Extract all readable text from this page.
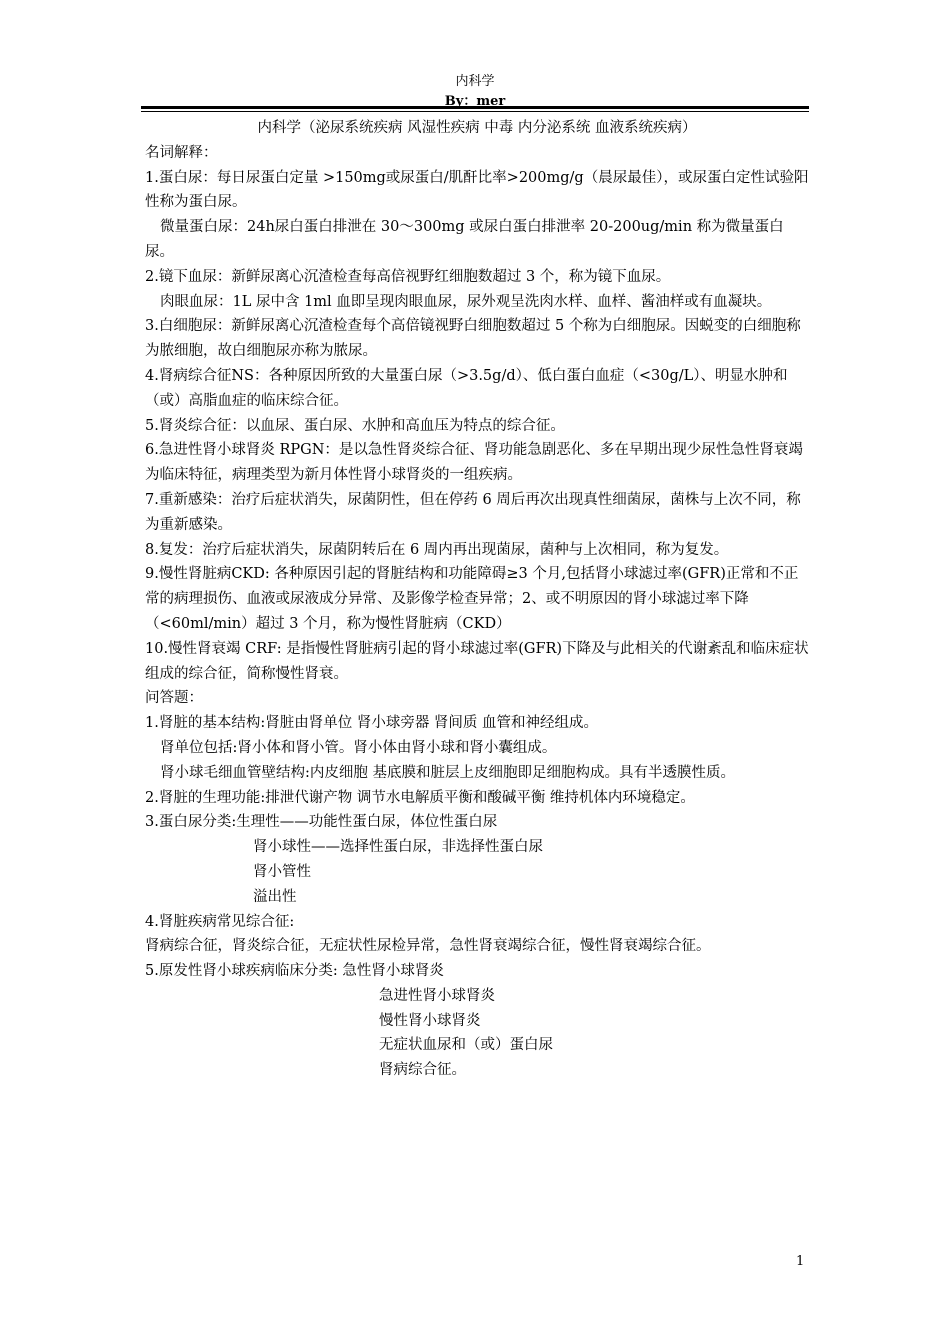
内科学
By：mer

内科学（泌尿系统疾病 风湿性疾病 中毒 内分泌系统 血液系统疾病）

名词解释：

1.蛋白尿：每日尿蛋白定量 >150mg或尿蛋白/肌酐比率>200mg/g（晨尿最佳），或尿蛋白定性试验阳性称为蛋白尿。

微量蛋白尿：24h尿白蛋白排泄在 30～300mg 或尿白蛋白排泄率 20-200ug/min 称为微量蛋白尿。

2.镜下血尿：新鲜尿离心沉渣检查每高倍视野红细胞数超过 3 个，称为镜下血尿。

肉眼血尿：1L 尿中含 1ml 血即呈现肉眼血尿，尿外观呈洗肉水样、血样、酱油样或有血凝块。

3.白细胞尿：新鲜尿离心沉渣检查每个高倍镜视野白细胞数超过 5 个称为白细胞尿。因蜕变的白细胞称为脓细胞，故白细胞尿亦称为脓尿。

4.肾病综合征NS：各种原因所致的大量蛋白尿（>3.5g/d）、低白蛋白血症（<30g/L）、明显水肿和（或）高脂血症的临床综合征。

5.肾炎综合征：以血尿、蛋白尿、水肿和高血压为特点的综合征。

6.急进性肾小球肾炎 RPGN：是以急性肾炎综合征、肾功能急剧恶化、多在早期出现少尿性急性肾衰竭为临床特征，病理类型为新月体性肾小球肾炎的一组疾病。

7.重新感染：治疗后症状消失，尿菌阴性，但在停药 6 周后再次出现真性细菌尿，菌株与上次不同，称为重新感染。

8.复发：治疗后症状消失，尿菌阴转后在 6 周内再出现菌尿，菌种与上次相同，称为复发。

9.慢性肾脏病CKD: 各种原因引起的肾脏结构和功能障碍≥3 个月,包括肾小球滤过率(GFR)正常和不正常的病理损伤、血液或尿液成分异常、及影像学检查异常；2、或不明原因的肾小球滤过率下降（<60ml/min）超过 3 个月，称为慢性肾脏病（CKD）

10.慢性肾衰竭 CRF: 是指慢性肾脏病引起的肾小球滤过率(GFR)下降及与此相关的代谢紊乱和临床症状组成的综合征，简称慢性肾衰。

问答题：

1.肾脏的基本结构:肾脏由肾单位 肾小球旁器 肾间质 血管和神经组成。

肾单位包括:肾小体和肾小管。肾小体由肾小球和肾小囊组成。

肾小球毛细血管壁结构:内皮细胞 基底膜和脏层上皮细胞即足细胞构成。具有半透膜性质。

2.肾脏的生理功能:排泄代谢产物 调节水电解质平衡和酸碱平衡 维持机体内环境稳定。

3.蛋白尿分类:生理性——功能性蛋白尿，体位性蛋白尿

肾小球性——选择性蛋白尿，非选择性蛋白尿

肾小管性

溢出性

4.肾脏疾病常见综合征:

肾病综合征，肾炎综合征，无症状性尿检异常，急性肾衰竭综合征，慢性肾衰竭综合征。

5.原发性肾小球疾病临床分类: 急性肾小球肾炎

急进性肾小球肾炎

慢性肾小球肾炎

无症状血尿和（或）蛋白尿

肾病综合征。

1
